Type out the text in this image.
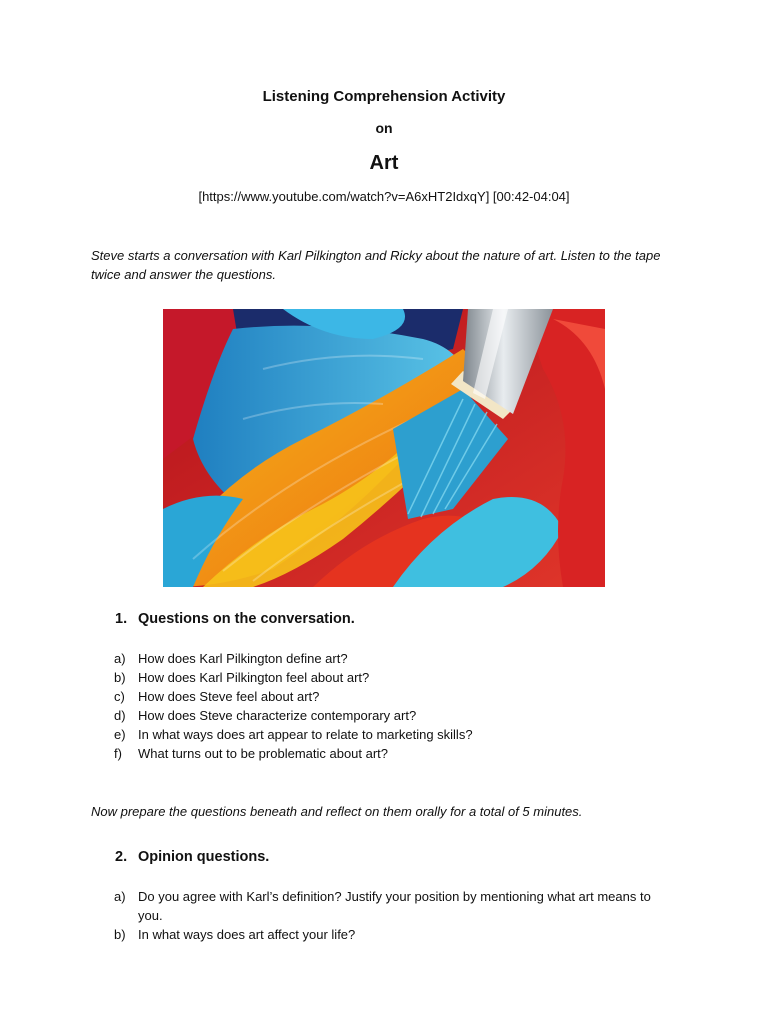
Listening Comprehension Activity
on
Art
[https://www.youtube.com/watch?v=A6xHT2IdxqY] [00:42-04:04]
Steve starts a conversation with Karl Pilkington and Ricky about the nature of art. Listen to the tape twice and answer the questions.
1. Questions on the conversation.
a) How does Karl Pilkington define art?
b) How does Karl Pilkington feel about art?
c) How does Steve feel about art?
d) How does Steve characterize contemporary art?
e) In what ways does art appear to relate to marketing skills?
f) What turns out to be problematic about art?
Now prepare the questions beneath and reflect on them orally for a total of 5 minutes.
2. Opinion questions.
a) Do you agree with Karl’s definition? Justify your position by mentioning what art means to you.
b) In what ways does art affect your life?
